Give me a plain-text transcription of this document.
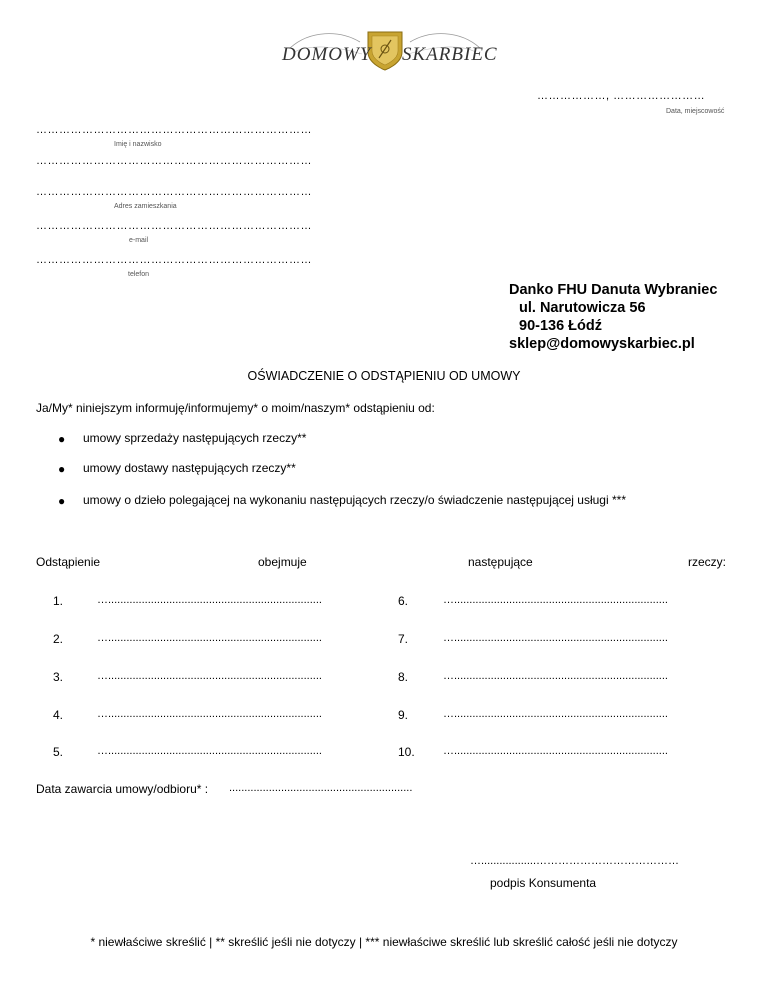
DOMOWY SKARBIEC
………………, ……………………
Data, miejscowość
………………………………………………………………
Imię i nazwisko
………………………………………………………………
………………………………………………………………
Adres zamieszkania
………………………………………………………………
e-mail
………………………………………………………………
telefon
Danko FHU Danuta Wybraniec
ul. Narutowicza 56
90-136 Łódź
sklep@domowyskarbiec.pl
OŚWIADCZENIE O ODSTĄPIENIU OD UMOWY
Ja/My* niniejszym informuję/informujemy* o moim/naszym* odstąpieniu od:
● umowy sprzedaży następujących rzeczy**
● umowy dostawy następujących rzeczy**
● umowy o dzieło polegającej na wykonaniu następujących rzeczy/o świadczenie następującej usługi ***
Odstąpienie	obejmuje	następujące	rzeczy:
1.	…......................................................................
2.	…......................................................................
3.	…......................................................................
4.	…......................................................................
5.	…......................................................................
6.	…......................................................................
7.	…......................................................................
8.	…......................................................................
9.	…......................................................................
10.	…......................................................................
Data zawarcia umowy/odbioru* : ............................................................
…..................…………………………………
podpis Konsumenta
* niewłaściwe skreślić | ** skreślić jeśli nie dotyczy | *** niewłaściwe skreślić lub skreślić całość jeśli nie dotyczy
